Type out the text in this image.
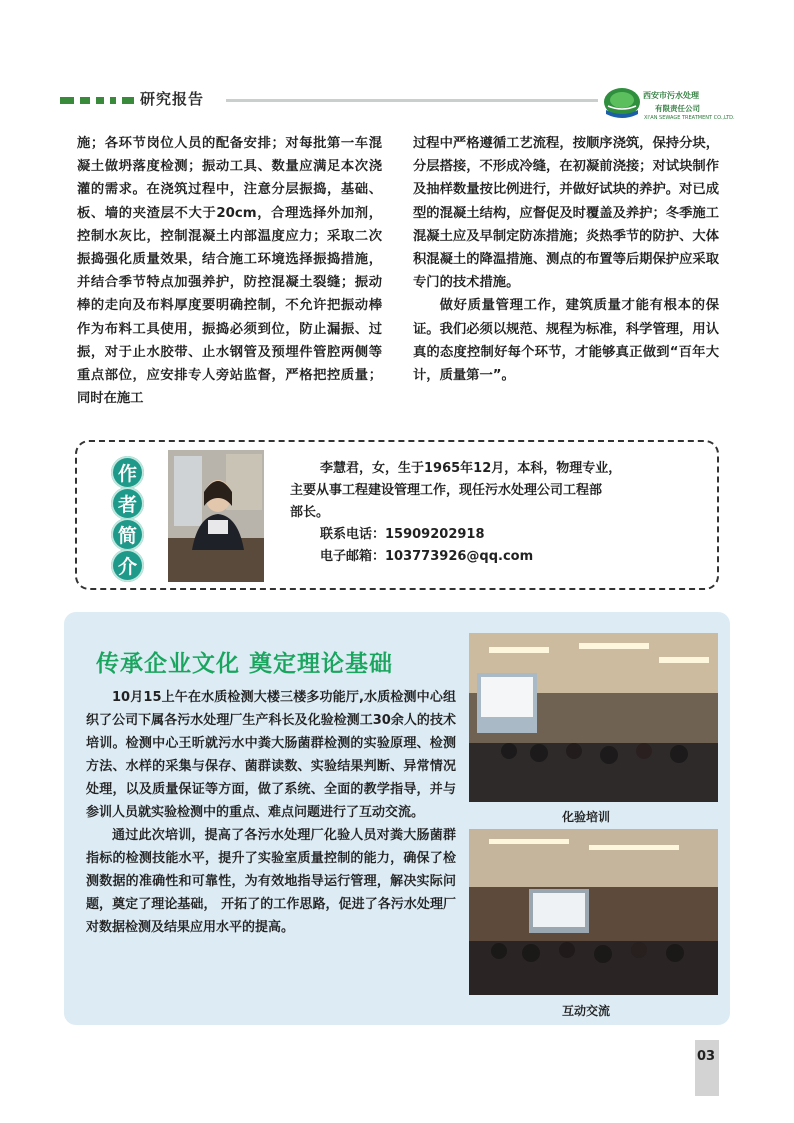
研究报告	西安市污水处理
有限责任公司
XI'AN SEWAGE TREATMENT CO.,LTD.

施；各环节岗位人员的配备安排；对每批第一车混凝土做坍落度检测；振动工具、数量应满足本次浇灌的需求。在浇筑过程中，注意分层振捣，基础、板、墙的夹渣层不大于20cm，合理选择外加剂，控制水灰比，控制混凝土内部温度应力；采取二次振捣强化质量效果，结合施工环境选择振捣措施，并结合季节特点加强养护，防控混凝土裂缝；振动棒的走向及布料厚度要明确控制，不允许把振动棒作为布料工具使用，振捣必须到位，防止漏振、过振，对于止水胶带、止水钢管及预埋件管腔两侧等重点部位，应安排专人旁站监督，严格把控质量；同时在施工

过程中严格遵循工艺流程，按顺序浇筑，保持分块，分层搭接，不形成冷缝，在初凝前浇接；对试块制作及抽样数量按比例进行，并做好试块的养护。对已成型的混凝土结构，应督促及时覆盖及养护；冬季施工混凝土应及早制定防冻措施；炎热季节的防护、大体积混凝土的降温措施、测点的布置等后期保护应采取专门的技术措施。

做好质量管理工作，建筑质量才能有根本的保证。我们必须以规范、规程为标准，科学管理，用认真的态度控制好每个环节，才能够真正做到“百年大计，质量第一”。

作
者
简
介
李慧君，女，生于1965年12月，本科，物理专业，
主要从事工程建设管理工作，现任污水处理公司工程部
部长。
联系电话：15909202918
电子邮箱：103773926@qq.com
传承企业文化 奠定理论基础

10月15上午在水质检测大楼三楼多功能厅,水质检测中心组织了公司下属各污水处理厂生产科长及化验检测工30余人的技术培训。检测中心王昕就污水中粪大肠菌群检测的实验原理、检测方法、水样的采集与保存、菌群读数、实验结果判断、异常情况处理，以及质量保证等方面，做了系统、全面的教学指导，并与参训人员就实验检测中的重点、难点问题进行了互动交流。

通过此次培训，提高了各污水处理厂化验人员对粪大肠菌群指标的检测技能水平，提升了实验室质量控制的能力，确保了检测数据的准确性和可靠性，为有效地指导运行管理，解决实际问题，奠定了理论基础， 开拓了的工作思路，促进了各污水处理厂对数据检测及结果应用水平的提高。

化验培训
互动交流
03
